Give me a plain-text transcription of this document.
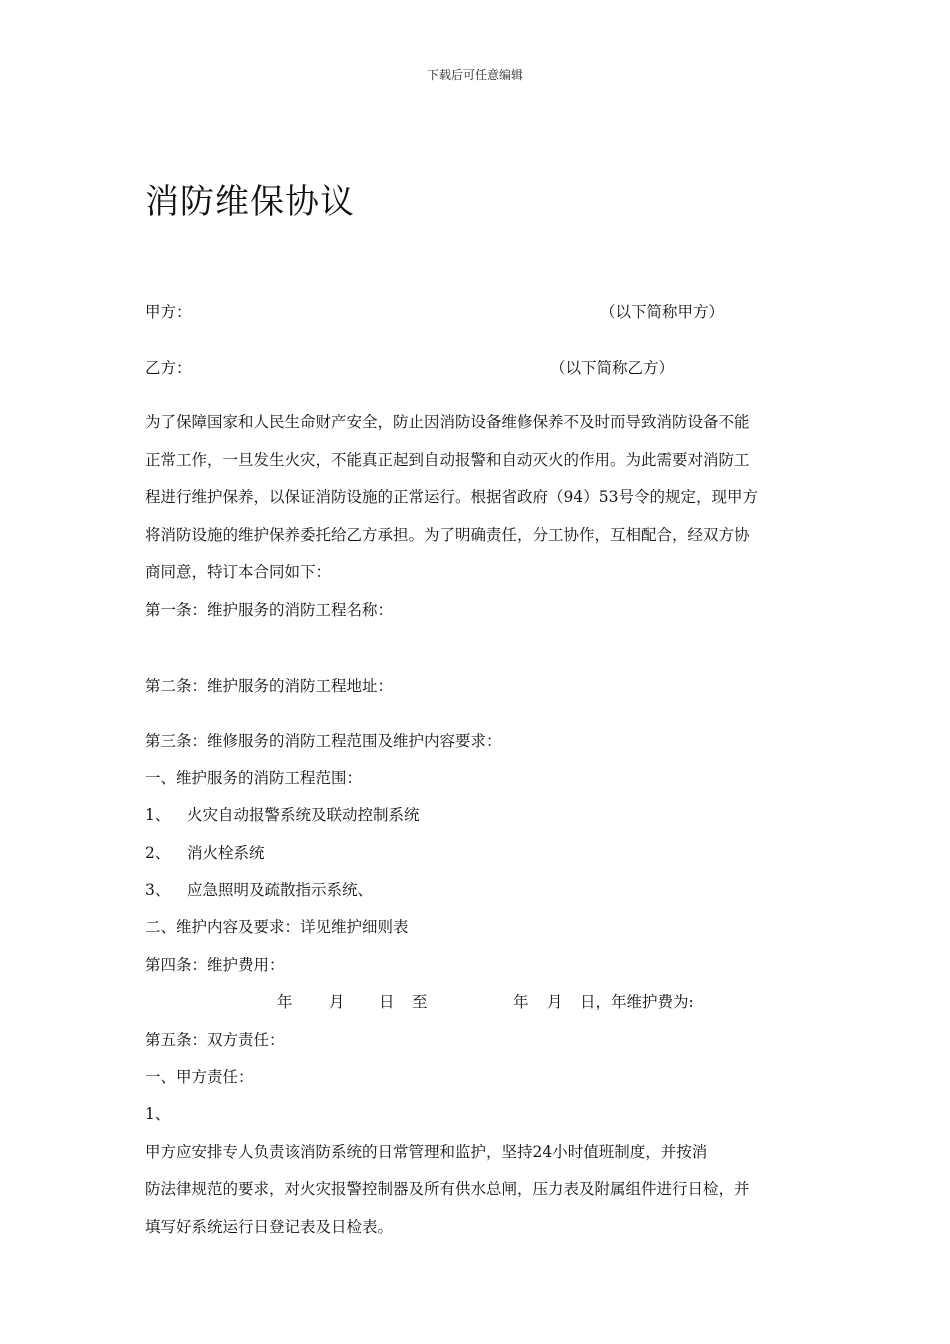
下载后可任意编辑
消防维保协议
甲方：	（以下简称甲方）
乙方：	（以下简称乙方）
为了保障国家和人民生命财产安全，防止因消防设备维修保养不及时而导致消防设备不能
正常工作，一旦发生火灾，不能真正起到自动报警和自动灭火的作用。为此需要对消防工
程进行维护保养，以保证消防设施的正常运行。根据省政府（94）53号令的规定，现甲方
将消防设施的维护保养委托给乙方承担。为了明确责任，分工协作，互相配合，经双方协
商同意，特订本合同如下：
第一条：维护服务的消防工程名称：
第二条：维护服务的消防工程地址：
第三条：维修服务的消防工程范围及维护内容要求：
一、维护服务的消防工程范围：
1、 火灾自动报警系统及联动控制系统
2、 消火栓系统
3、 应急照明及疏散指示系统、
二、维护内容及要求：详见维护细则表
第四条：维护费用：
年 月 日 至	年 月 日，年维护费为:
第五条：双方责任：
一、甲方责任：
1、
甲方应安排专人负责该消防系统的日常管理和监护，坚持24小时值班制度，并按消
防法律规范的要求，对火灾报警控制器及所有供水总闸，压力表及附属组件进行日检，并
填写好系统运行日登记表及日检表。
